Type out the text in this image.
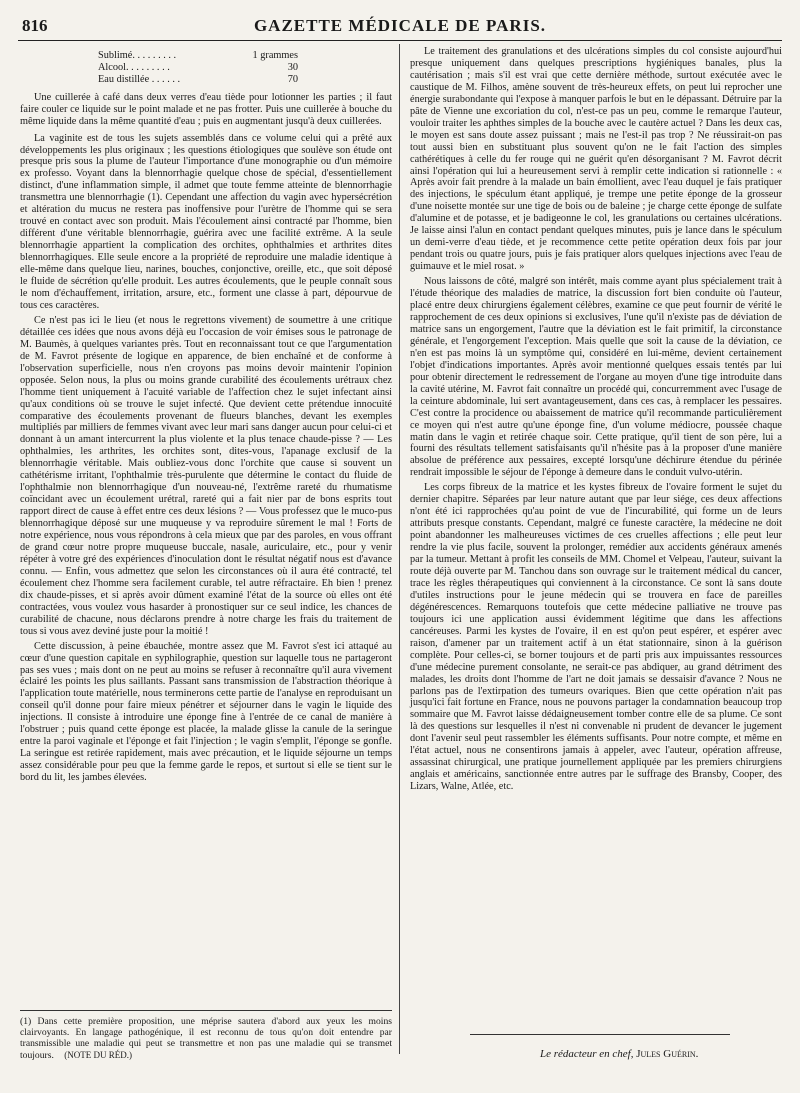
816	GAZETTE MÉDICALE DE PARIS.
Sublimé. . . . . . . . .	1 grammes
Alcool. . . . . . . . .	30
Eau distillée . . . . . .	70

Une cuillerée à café dans deux verres d'eau tiède pour lotionner les parties ; il faut faire couler ce liquide sur le point malade et ne pas frotter. Puis une cuillerée à bouche du même liquide dans la même quantité d'eau ; puis en augmentant jusqu'à deux cuillerées.

La vaginite est de tous les sujets assemblés dans ce volume celui qui a prêté aux développements les plus originaux ; les questions étiologiques que soulève son étude ont presque pris sous la plume de l'auteur l'importance d'une monographie ou d'un mémoire ex professo. Voyant dans la blennorrhagie quelque chose de spécial, d'essentiellement distinct, d'une inflammation simple, il admet que toute femme atteinte de blennorrhagie transmettra une blennorrhagie (1). Cependant une affection du vagin avec hypersécrétion et altération du mucus ne restera pas inoffensive pour l'urètre de l'homme qui se sera trouvé en contact avec son produit. Mais l'écoulement ainsi contracté par l'homme, bien différent d'une véritable blennorrhagie, guérira avec une facilité extrême. A la seule blennorrhagie appartient la complication des orchites, ophthalmies et arthrites dites blennorrhagiques. Elle seule encore a la propriété de reproduire une maladie identique à elle-même dans quelque lieu, narines, bouches, conjonctive, oreille, etc., que soit déposé le fluide de sécrétion qu'elle produit. Les autres écoulements, que le peuple connaît sous le nom d'échauffement, irritation, arsure, etc., forment une classe à part, dépourvue de tous ces caractères.

Ce n'est pas ici le lieu (et nous le regrettons vivement) de soumettre à une critique détaillée ces idées que nous avons déjà eu l'occasion de voir émises sous le patronage de M. Baumès, à quelques variantes près. Tout en reconnaissant tout ce que l'argumentation de M. Favrot présente de logique en apparence, de bien enchaîné et de conforme à l'observation superficielle, nous n'en croyons pas moins devoir maintenir l'opinion opposée. Selon nous, la plus ou moins grande curabilité des écoulements urétraux chez l'homme tient uniquement à l'acuité variable de l'affection chez le sujet infectant ainsi qu'aux conditions où se trouve le sujet infecté. Que devient cette prétendue innocuité comparative des écoulements provenant de flueurs blanches, devant les exemples multipliés par milliers de femmes vivant avec leur mari sans danger aucun pour celui-ci et donnant à un amant intercurrent la plus violente et la plus tenace chaude-pisse ? — Les ophthalmies, les arthrites, les orchites sont, dites-vous, l'apanage exclusif de la blennorrhagie véritable. Mais oubliez-vous donc l'orchite que cause si souvent un cathétérisme irritant, l'ophthalmie très-purulente que détermine le contact du fluide de l'ophthalmie non blennorrhagique d'un nouveau-né, l'extrême rareté du rhumatisme coïncidant avec un écoulement urétral, rareté qui a fait nier par de bons esprits tout rapport direct de cause à effet entre ces deux lésions ? — Vous professez que le muco-pus blennorrhagique déposé sur une muqueuse y va reproduire sûrement le mal ! Forts de notre expérience, nous vous répondrons à cela mieux que par des paroles, en vous offrant de grand cœur notre propre muqueuse buccale, nasale, auriculaire, etc., pour y venir répéter à votre gré des expériences d'inoculation dont le résultat négatif nous est d'avance connu. — Enfin, vous admettez que selon les circonstances où il aura été contracté, tel écoulement chez l'homme sera facilement curable, tel autre réfractaire. Eh bien ! prenez dix chaude-pisses, et si après avoir dûment examiné l'état de la source où elles ont été contractées, vous voulez vous hasarder à pronostiquer sur ce seul indice, les chances de curabilité de chacune, nous déclarons prendre à notre charge les frais du traitement de tous si vous avez deviné juste pour la moitié !

Cette discussion, à peine ébauchée, montre assez que M. Favrot s'est ici attaqué au cœur d'une question capitale en syphilographie, question sur laquelle tous ne partageront pas ses vues ; mais dont on ne peut au moins se refuser à reconnaître qu'il aura vivement éclairé les points les plus saillants. Passant sans transmission de l'abstraction théorique à l'application toute matérielle, nous terminerons cette partie de l'analyse en reproduisant un conseil qu'il donne pour faire mieux pénétrer et séjourner dans le vagin le liquide des injections. Il consiste à introduire une éponge fine à l'entrée de ce canal de manière à l'obstruer ; puis quand cette éponge est placée, la malade glisse la canule de la seringue entre la paroi vaginale et l'éponge et fait l'injection ; le vagin s'emplit, l'éponge se gonfle. La seringue est retirée rapidement, mais avec précaution, et le liquide séjourne un temps assez considérable pour peu que la femme garde le repos, et surtout si elle se tient sur le bord du lit, les jambes élevées.

(1) Dans cette première proposition, une méprise sautera d'abord aux yeux les moins clairvoyants. En langage pathogénique, il est reconnu de tous qu'on doit entendre par transmissible une maladie qui peut se transmettre et non pas une maladie qui se transmet toujours. (NOTE DU RÉD.)

Le traitement des granulations et des ulcérations simples du col consiste aujourd'hui presque uniquement dans quelques prescriptions hygiéniques banales, plus la cautérisation ; mais s'il est vrai que cette dernière méthode, surtout exécutée avec le caustique de M. Filhos, amène souvent de très-heureux effets, on peut lui reprocher une énergie surabondante qui l'expose à manquer parfois le but en le dépassant. Détruire par la pâte de Vienne une excoriation du col, n'est-ce pas un peu, comme le remarque l'auteur, vouloir traiter les aphthes simples de la bouche avec le cautère actuel ? Dans les deux cas, le moyen est sans doute assez puissant ; mais ne l'est-il pas trop ? Ne réussirait-on pas tout aussi bien en substituant plus souvent qu'on ne le fait l'action des simples cathérétiques à celle du fer rouge qui ne guérit qu'en désorganisant ? M. Favrot décrit ainsi l'opération qui lui a heureusement servi à remplir cette indication si rationnelle : « Après avoir fait prendre à la malade un bain émollient, avec l'eau duquel je fais pratiquer des injections, le spéculum étant appliqué, je trempe une petite éponge de la grosseur d'une noisette montée sur une tige de bois ou de baleine ; je charge cette éponge de sulfate d'alumine et de potasse, et je badigeonne le col, les granulations ou certaines ulcérations. Je laisse ainsi l'alun en contact pendant quelques minutes, puis je lance dans le spéculum un demi-verre d'eau tiède, et je recommence cette petite opération deux fois par jour pendant trois ou quatre jours, puis je fais pratiquer alors quelques injections avec l'eau de guimauve et le miel rosat. »

Nous laissons de côté, malgré son intérêt, mais comme ayant plus spécialement trait à l'étude théorique des maladies de matrice, la discussion fort bien conduite où l'auteur, placé entre deux chirurgiens également célèbres, examine ce que peut fournir de vérité le rapprochement de ces deux opinions si exclusives, l'une qu'il n'existe pas de déviation de matrice sans un engorgement, l'autre que la déviation est le fait primitif, la circonstance générale, et l'engorgement l'exception. Mais quelle que soit la cause de la déviation, ce n'en est pas moins là un symptôme qui, considéré en lui-même, devient certainement l'objet d'indications importantes. Après avoir mentionné quelques essais tentés par lui pour obtenir directement le redressement de l'organe au moyen d'une tige introduite dans la cavité utérine, M. Favrot fait connaître un procédé qui, concurremment avec l'usage de la ceinture abdominale, lui sert avantageusement, dans ces cas, à remplacer les pessaires. C'est contre la procidence ou abaissement de matrice qu'il recommande particulièrement ce moyen qui n'est autre qu'une éponge fine, d'un volume médiocre, poussée chaque matin dans le vagin et retirée chaque soir. Cette pratique, qu'il tient de son père, lui a fourni des résultats tellement satisfaisants qu'il n'hésite pas à la proposer d'une manière absolue de préférence aux pessaires, excepté lorsqu'une déchirure étendue du périnée rendrait impossible le séjour de l'éponge à demeure dans le conduit vulvo-utérin.

Les corps fibreux de la matrice et les kystes fibreux de l'ovaire forment le sujet du dernier chapitre. Séparées par leur nature autant que par leur siége, ces deux affections n'ont été ici rapprochées qu'au point de vue de l'incurabilité, qui forme un de leurs attributs presque constants. Cependant, malgré ce funeste caractère, la médecine ne doit point abandonner les malheureuses victimes de ces cruelles affections ; elle peut leur rendre la vie plus facile, souvent la prolonger, remédier aux accidents généraux amenés par la tumeur. Mettant à profit les conseils de MM. Chomel et Velpeau, l'auteur, suivant la route déjà ouverte par M. Tanchou dans son ouvrage sur le traitement médical du cancer, trace les règles thérapeutiques qui conviennent à la circonstance. Ce sont là sans doute d'utiles instructions pour le jeune médecin qui se trouvera en face de pareilles dégénérescences. Remarquons toutefois que cette médecine palliative ne trouve pas toujours ici une application aussi évidemment légitime que dans les affections cancéreuses. Parmi les kystes de l'ovaire, il en est qu'on peut espérer, et espérer avec raison, d'amener par un traitement actif à un état stationnaire, sinon à la guérison complète. Pour celles-ci, se borner toujours et de parti pris aux impuissantes ressources d'une médecine purement consolante, ne serait-ce pas abdiquer, au grand détriment des malades, les droits dont l'homme de l'art ne doit jamais se dessaisir d'avance ? Nous ne parlons pas de l'extirpation des tumeurs ovariques. Bien que cette opération n'ait pas jusqu'ici fait fortune en France, nous ne pouvons partager la condamnation beaucoup trop sommaire que M. Favrot laisse dédaigneusement tomber contre elle de sa plume. Ce sont là des questions sur lesquelles il n'est ni convenable ni prudent de devancer le jugement dont l'avenir seul peut rassembler les éléments suffisants. Pour notre compte, et même en l'état actuel, nous ne consentirons jamais à appeler, avec l'auteur, opération affreuse, assassinat chirurgical, une pratique journellement appliquée par les premiers chirurgiens anglais et américains, sanctionnée entre autres par le suffrage des Bransby, Cooper, des Lizars, Walne, Atlée, etc.

Le rédacteur en chef, Jules Guérin.
